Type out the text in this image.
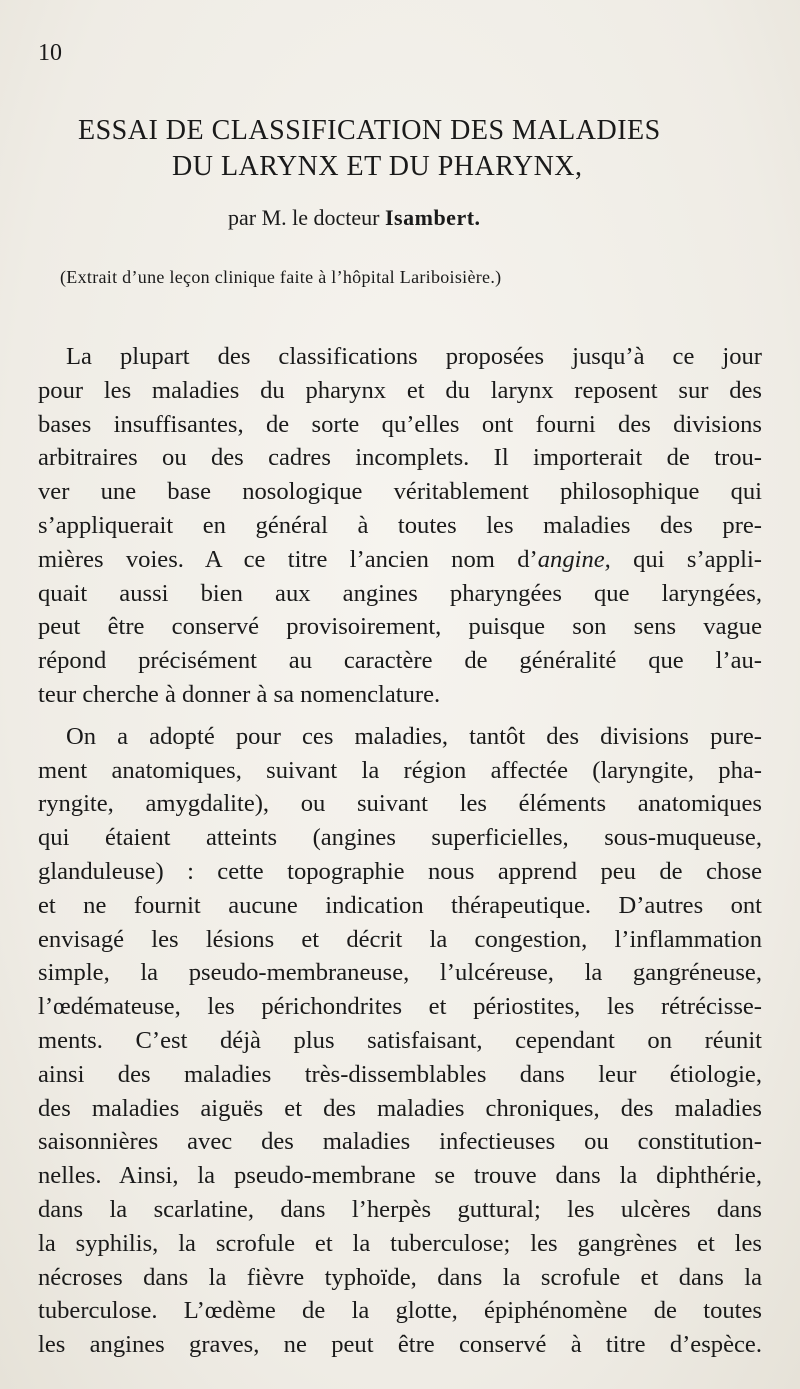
10
ESSAI DE CLASSIFICATION DES MALADIES
DU LARYNX ET DU PHARYNX,
par M. le docteur Isambert.
(Extrait d’une leçon clinique faite à l’hôpital Lariboisière.)
La plupart des classifications proposées jusqu’à ce jour
pour les maladies du pharynx et du larynx reposent sur des
bases insuffisantes, de sorte qu’elles ont fourni des divisions
arbitraires ou des cadres incomplets. Il importerait de trou-
ver une base nosologique véritablement philosophique qui
s’appliquerait en général à toutes les maladies des pre-
mières voies. A ce titre l’ancien nom d’angine, qui s’appli-
quait aussi bien aux angines pharyngées que laryngées,
peut être conservé provisoirement, puisque son sens vague
répond précisément au caractère de généralité que l’au-
teur cherche à donner à sa nomenclature.
On a adopté pour ces maladies, tantôt des divisions pure-
ment anatomiques, suivant la région affectée (laryngite, pha-
ryngite, amygdalite), ou suivant les éléments anatomiques
qui étaient atteints (angines superficielles, sous-muqueuse,
glanduleuse) : cette topographie nous apprend peu de chose
et ne fournit aucune indication thérapeutique. D’autres ont
envisagé les lésions et décrit la congestion, l’inflammation
simple, la pseudo-membraneuse, l’ulcéreuse, la gangréneuse,
l’œdémateuse, les périchondrites et périostites, les rétrécisse-
ments. C’est déjà plus satisfaisant, cependant on réunit
ainsi des maladies très-dissemblables dans leur étiologie,
des maladies aiguës et des maladies chroniques, des maladies
saisonnières avec des maladies infectieuses ou constitution-
nelles. Ainsi, la pseudo-membrane se trouve dans la diphthérie,
dans la scarlatine, dans l’herpès guttural; les ulcères dans
la syphilis, la scrofule et la tuberculose; les gangrènes et les
nécroses dans la fièvre typhoïde, dans la scrofule et dans la
tuberculose. L’œdème de la glotte, épiphénomène de toutes
les angines graves, ne peut être conservé à titre d’espèce.
